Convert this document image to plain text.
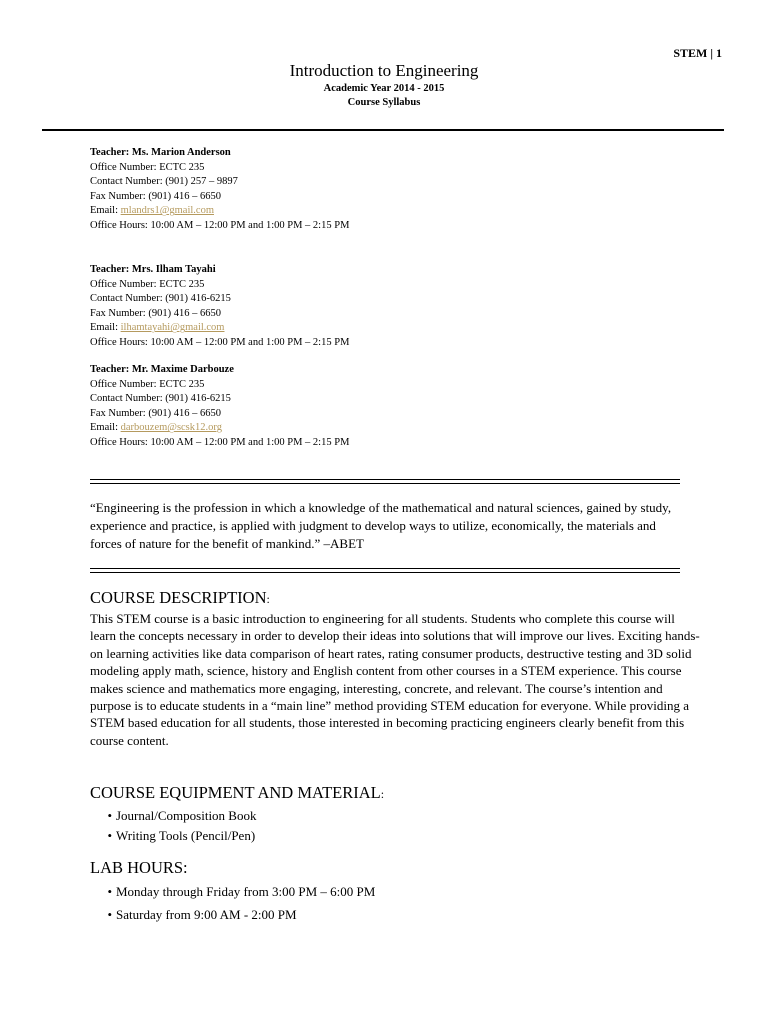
STEM | 1

Introduction to Engineering

Academic Year 2014 - 2015

Course Syllabus

Teacher: Ms. Marion Anderson
Office Number: ECTC 235
Contact Number: (901) 257 – 9897
Fax Number: (901) 416 – 6650
Email: mlandrs1@gmail.com
Office Hours: 10:00 AM – 12:00 PM and 1:00 PM – 2:15 PM
Teacher: Mrs. Ilham Tayahi
Office Number: ECTC 235
Contact Number: (901) 416-6215
Fax Number: (901) 416 – 6650
Email: ilhamtayahi@gmail.com
Office Hours: 10:00 AM – 12:00 PM and 1:00 PM – 2:15 PM
Teacher: Mr. Maxime Darbouze
Office Number: ECTC 235
Contact Number: (901) 416-6215
Fax Number: (901) 416 – 6650
Email: darbouzem@scsk12.org
Office Hours: 10:00 AM – 12:00 PM and 1:00 PM – 2:15 PM
“Engineering is the profession in which a knowledge of the mathematical and natural sciences, gained by study, experience and practice, is applied with judgment to develop ways to utilize, economically, the materials and forces of nature for the benefit of mankind.” –ABET
COURSE DESCRIPTION:

This STEM course is a basic introduction to engineering for all students. Students who complete this course will learn the concepts necessary in order to develop their ideas into solutions that will improve our lives. Exciting hands-on learning activities like data comparison of heart rates, rating consumer products, destructive testing and 3D solid modeling apply math, science, history and English content from other courses in a STEM experience. This course makes science and mathematics more engaging, interesting, concrete, and relevant. The course’s intention and purpose is to educate students in a “main line” method providing STEM education for everyone. While providing a STEM based education for all students, those interested in becoming practicing engineers clearly benefit from this course content.

COURSE EQUIPMENT AND MATERIAL:
• Journal/Composition Book
• Writing Tools (Pencil/Pen)
LAB HOURS:
• Monday through Friday from 3:00 PM – 6:00 PM
• Saturday from 9:00 AM - 2:00 PM
